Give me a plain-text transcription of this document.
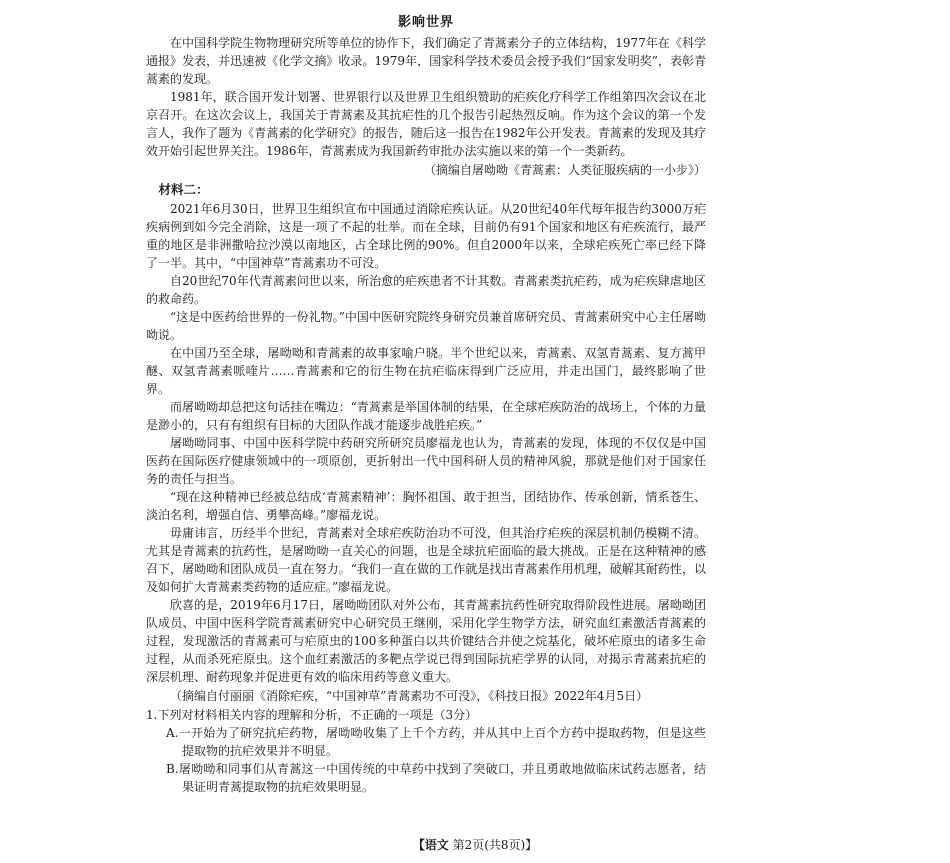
影响世界

在中国科学院生物物理研究所等单位的协作下，我们确定了青蒿素分子的立体结构，1977年在《科学通报》发表，并迅速被《化学文摘》收录。1979年，国家科学技术委员会授予我们“国家发明奖”，表彰青蒿素的发现。

1981年，联合国开发计划署、世界银行以及世界卫生组织赞助的疟疾化疗科学工作组第四次会议在北京召开。在这次会议上，我国关于青蒿素及其抗疟性的几个报告引起热烈反响。作为这个会议的第一个发言人，我作了题为《青蒿素的化学研究》的报告，随后这一报告在1982年公开发表。青蒿素的发现及其疗效开始引起世界关注。1986年，青蒿素成为我国新药审批办法实施以来的第一个一类新药。

（摘编自屠呦呦《青蒿素：人类征服疾病的一小步》）

材料二：

2021年6月30日，世界卫生组织宣布中国通过消除疟疾认证。从20世纪40年代每年报告约3000万疟疾病例到如今完全消除，这是一项了不起的壮举。而在全球，目前仍有91个国家和地区有疟疾流行，最严重的地区是非洲撒哈拉沙漠以南地区，占全球比例的90%。但自2000年以来，全球疟疾死亡率已经下降了一半。其中，“中国神草”青蒿素功不可没。

自20世纪70年代青蒿素问世以来，所治愈的疟疾患者不计其数。青蒿素类抗疟药，成为疟疾肆虐地区的救命药。

“这是中医药给世界的一份礼物。”中国中医研究院终身研究员兼首席研究员、青蒿素研究中心主任屠呦呦说。

在中国乃至全球，屠呦呦和青蒿素的故事家喻户晓。半个世纪以来，青蒿素、双氢青蒿素、复方蒿甲醚、双氢青蒿素哌喹片……青蒿素和它的衍生物在抗疟临床得到广泛应用，并走出国门，最终影响了世界。

而屠呦呦却总把这句话挂在嘴边：“青蒿素是举国体制的结果，在全球疟疾防治的战场上，个体的力量是渺小的，只有有组织有目标的大团队作战才能逐步战胜疟疾。”

屠呦呦同事、中国中医科学院中药研究所研究员廖福龙也认为，青蒿素的发现，体现的不仅仅是中国医药在国际医疗健康领域中的一项原创，更折射出一代中国科研人员的精神风貌，那就是他们对于国家任务的责任与担当。

“现在这种精神已经被总结成‘青蒿素精神’：胸怀祖国、敢于担当，团结协作、传承创新，情系苍生、淡泊名利，增强自信、勇攀高峰。”廖福龙说。

毋庸讳言，历经半个世纪，青蒿素对全球疟疾防治功不可没，但其治疗疟疾的深层机制仍模糊不清。尤其是青蒿素的抗药性，是屠呦呦一直关心的问题，也是全球抗疟面临的最大挑战。正是在这种精神的感召下，屠呦呦和团队成员一直在努力。“我们一直在做的工作就是找出青蒿素作用机理，破解其耐药性，以及如何扩大青蒿素类药物的适应症。”廖福龙说。

欣喜的是，2019年6月17日，屠呦呦团队对外公布，其青蒿素抗药性研究取得阶段性进展。屠呦呦团队成员、中国中医科学院青蒿素研究中心研究员王继刚，采用化学生物学方法，研究血红素激活青蒿素的过程，发现激活的青蒿素可与疟原虫的100多种蛋白以共价键结合并使之烷基化，破坏疟原虫的诸多生命过程，从而杀死疟原虫。这个血红素激活的多靶点学说已得到国际抗疟学界的认同，对揭示青蒿素抗疟的深层机理、耐药现象并促进更有效的临床用药等意义重大。

（摘编自付丽丽《消除疟疾，“中国神草”青蒿素功不可没》，《科技日报》2022年4月5日）

1.下列对材料相关内容的理解和分析，不正确的一项是（3分）

A.一开始为了研究抗疟药物，屠呦呦收集了上千个方药，并从其中上百个方药中提取药物，但是这些提取物的抗疟效果并不明显。

B.屠呦呦和同事们从青蒿这一中国传统的中草药中找到了突破口，并且勇敢地做临床试药志愿者，结果证明青蒿提取物的抗疟效果明显。

【语文 第2页(共8页)】
